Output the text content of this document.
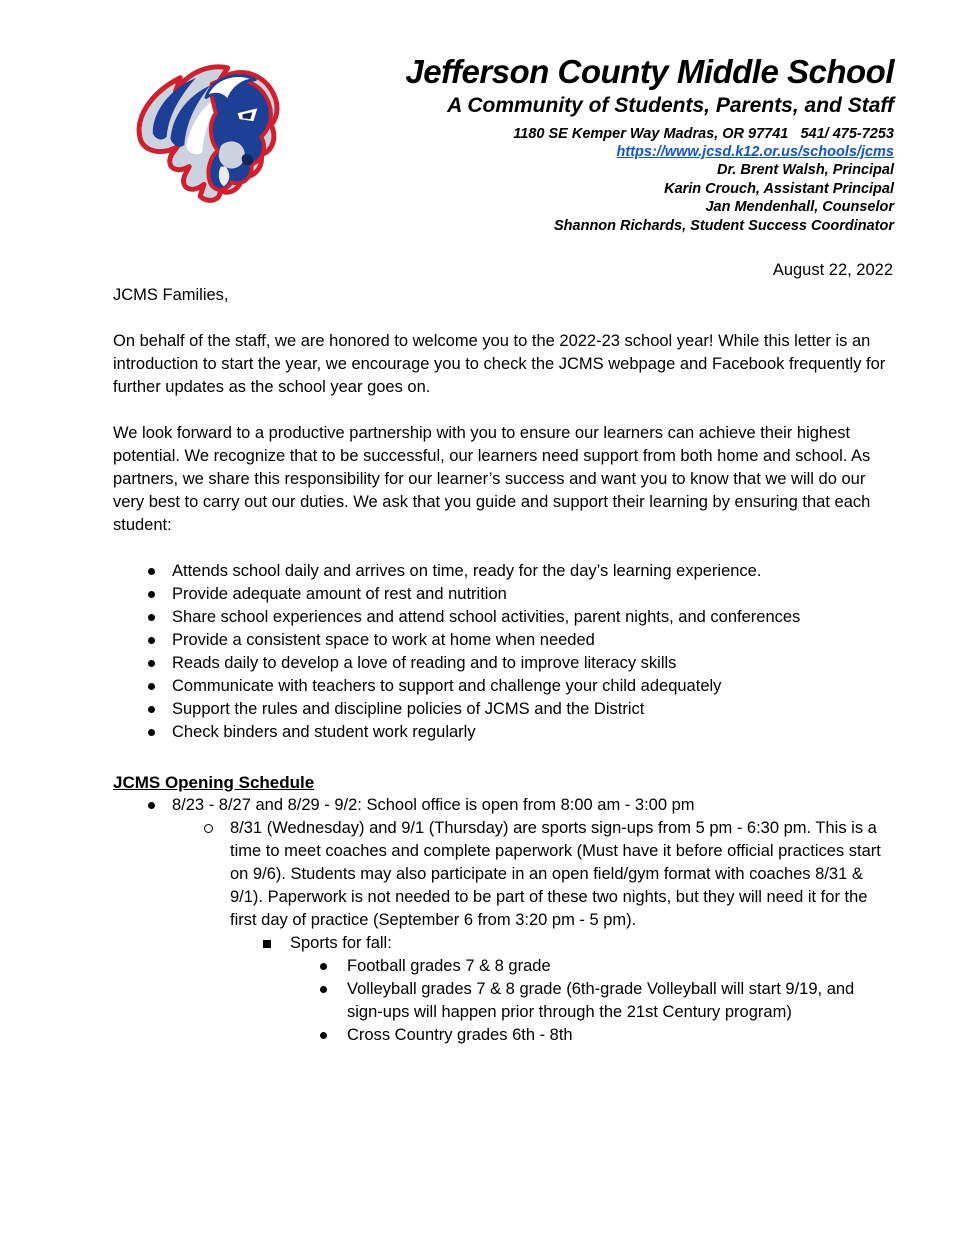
Jefferson County Middle School
A Community of Students, Parents, and Staff
1180 SE Kemper Way Madras, OR 97741   541/ 475-7253
https://www.jcsd.k12.or.us/schools/jcms
Dr. Brent Walsh, Principal
Karin Crouch, Assistant Principal
Jan Mendenhall, Counselor
Shannon Richards, Student Success Coordinator
August 22, 2022
JCMS Families,

On behalf of the staff, we are honored to welcome you to the 2022-23 school year! While this letter is an introduction to start the year, we encourage you to check the JCMS webpage and Facebook frequently for further updates as the school year goes on.

We look forward to a productive partnership with you to ensure our learners can achieve their highest potential. We recognize that to be successful, our learners need support from both home and school. As partners, we share this responsibility for our learner’s success and want you to know that we will do our very best to carry out our duties. We ask that you guide and support their learning by ensuring that each student:

Attends school daily and arrives on time, ready for the day’s learning experience.
Provide adequate amount of rest and nutrition
Share school experiences and attend school activities, parent nights, and conferences
Provide a consistent space to work at home when needed
Reads daily to develop a love of reading and to improve literacy skills
Communicate with teachers to support and challenge your child adequately
Support the rules and discipline policies of JCMS and the District
Check binders and student work regularly
JCMS Opening Schedule
8/23 - 8/27 and 8/29 - 9/2: School office is open from 8:00 am - 3:00 pm
8/31 (Wednesday) and 9/1 (Thursday) are sports sign-ups from 5 pm - 6:30 pm. This is a time to meet coaches and complete paperwork (Must have it before official practices start on 9/6). Students may also participate in an open field/gym format with coaches 8/31 & 9/1). Paperwork is not needed to be part of these two nights, but they will need it for the first day of practice (September 6 from 3:20 pm - 5 pm).
Sports for fall:
Football grades 7 & 8 grade
Volleyball grades 7 & 8 grade (6th-grade Volleyball will start 9/19, and sign-ups will happen prior through the 21st Century program)
Cross Country grades 6th - 8th
